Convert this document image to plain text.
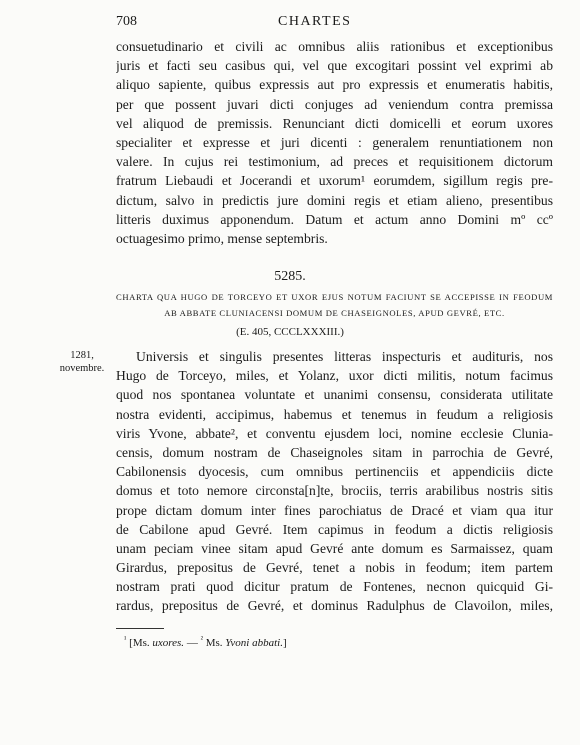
708	CHARTES
consuetudinario et civili ac omnibus aliis rationibus et exceptionibus
juris et facti seu casibus qui, vel que excogitari possint vel exprimi ab
aliquo sapiente, quibus expressis aut pro expressis et enumeratis habitis,
per que possent juvari dicti conjuges ad veniendum contra premissa
vel aliquod de premissis. Renunciant dicti domicelli et eorum uxores
specialiter et expresse et juri dicenti : generalem renuntiationem non
valere. In cujus rei testimonium, ad preces et requisitionem dictorum
fratrum Liebaudi et Jocerandi et uxorum¹ eorumdem, sigillum regis pre-
dictum, salvo in predictis jure domini regis et etiam alieno, presentibus
litteris duximus apponendum. Datum et actum anno Domini mº ccº
octuagesimo primo, mense septembris.
5285.
CHARTA QUA HUGO DE TORCEYO ET UXOR EJUS NOTUM FACIUNT SE ACCEPISSE IN FEODUM
AB ABBATE CLUNIACENSI DOMUM DE CHASEIGNOLES, APUD GEVRÉ, ETC.
(E. 405, CCCLXXXIII.)
1281,
novembre.
Universis et singulis presentes litteras inspecturis et audituris, nos
Hugo de Torceyo, miles, et Yolanz, uxor dicti militis, notum facimus
quod nos spontanea voluntate et unanimi consensu, considerata utilitate
nostra evidenti, accipimus, habemus et tenemus in feudum a religiosis
viris Yvone, abbate², et conventu ejusdem loci, nomine ecclesie Clunia-
censis, domum nostram de Chaseignoles sitam in parrochia de Gevré,
Cabilonensis dyocesis, cum omnibus pertinenciis et appendiciis dicte
domus et toto nemore circonsta[n]te, brociis, terris arabilibus nostris sitis
prope dictam domum inter fines parochiatus de Dracé et viam qua itur
de Cabilone apud Gevré. Item capimus in feodum a dictis religiosis
unam peciam vinee sitam apud Gevré ante domum es Sarmaissez, quam
Girardus, prepositus de Gevré, tenet a nobis in feodum; item partem
nostram prati quod dicitur pratum de Fontenes, necnon quicquid Gi-
rardus, prepositus de Gevré, et dominus Radulphus de Clavoilon, miles,
$^{^1}$ [Ms. uxores. — $^{^2}$ Ms. Yvoni abbati.]
